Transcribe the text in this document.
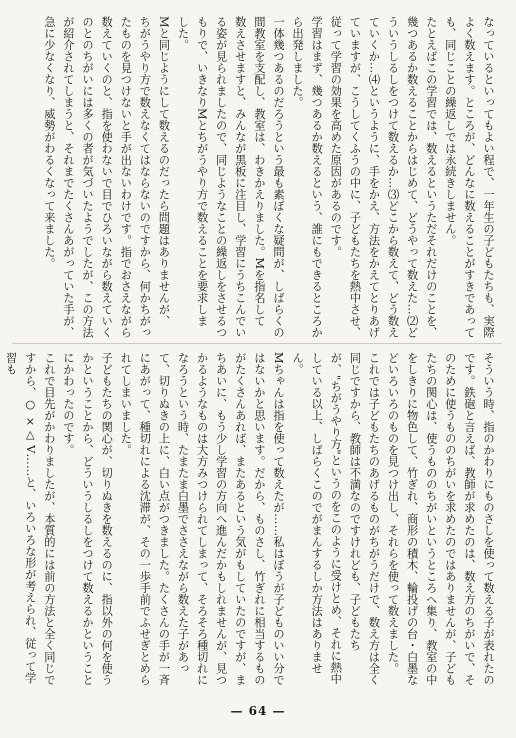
なっているといってもよい程で、一年生の子どもたちも、実際よく数えます。ところが、どんなに数えることがすきであっても、同じことの繰返しでは永続きしません。

たとえばこの学習では、数えるというただそれだけのことを、幾つあるか数えることからはじめて、どうやって数えた…⑵どういうしるしをつけて数えるか…⑶どこから数えて、どう数えていくか…⑷というように、手をかえ、方法をかえてとりあげていますが、こうしてくふうの中に、子どもたちを熱中させ、従って学習の効果を高めた原因があるのです。

学習はまず、幾つあるか数えるという、誰にもできるところから出発しました。

一体幾つあるのだろうという最も素ぼくな疑問が、しばらくの間教室を支配し、教室は、わきかえりました。Mを指名して数えさせますと、みんなが黒板に注目し、学習にうちこんでいる姿が見られましたので、同じようなことの繰返しをさせるつもりで、いきなりMとちがうやり方で数えることを要求しました。

Mと同じようにして数えるのだったら問題はありませんが、ちがうやり方で数えなくてはならないのですから、何かちがったものを見つけないと手が出ないわけです。指でおさえながら数えていくのと、指を使わないで目でひろいながら数えていくのとのちがいには多くの者が気づいたようでしたが、この方法が紹介されてしまうと、それまでたくさんあがっていた手が、急に少なくなり、威勢がわるくなって来ました。

そういう時、指のかわりにものさしを使って数える子が表れたのです。鉄砲と言えば、教師が求めたのは、数え方のちがいで、そのために使うもののちがいを求めたのではありませんが、子どもたちの関心は、使うもののちがいというところへ集り、教室の中をしきりに物色して、竹ぎれ、商形の積木、輪投げの台・白墨などいろいろのものを見つけ出し、それらを使って数えました。

これでは子どもたちのあげるものがちがうだけで、数え方は全く同じですから、教師は不満なのですけれども、子どもたちが、"ちがうやり方"というのをこのように受けとめ、それに熱中している以上、しばらくこのでがまんするしか方法はありません。

Mちゃんは指を使って数えたが……私はぼうが子どものいい分ではないかと思います。だから、ものさし、竹ぎれに相当するものがたくさんあれば、またあるという気がもしていたのですが、まちあいに、もう少し学習の方向へ進んだかもしれませんが、見つかるようなものは大方みつけられてしまって、そろそろ種切れになろうという時、たまたま白墨でささえながら数えた子があって、切りぬきの上に、白い点がつきました。たくさんの手が一斉にあがって、種切れによる沈滞が、その一歩手前でふせぎとめられてしまいました。

子どもたちの関心が、切りぬきを数えるのに、指以外の何を使うかということから、どういうしるしをつけて数えるかということにかわったのです。

これで目先がかわりましたが、本質的には前の方法と全く同じですから、○ ×△ V……と、いろいろな形が考えられ、従って学習も

— 64 —
